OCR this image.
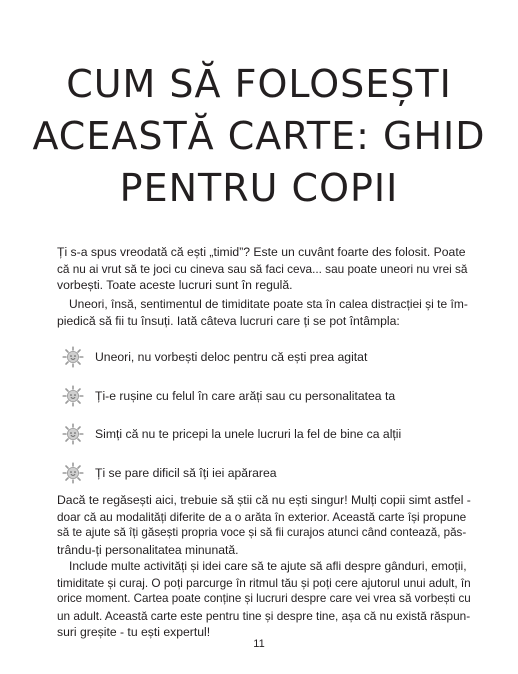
CUM SĂ FOLOSEȘTI
ACEASTĂ CARTE: GHID
PENTRU COPII

Ți s-a spus vreodată că ești „timid”? Este un cuvânt foarte des folosit. Poate
că nu ai vrut să te joci cu cineva sau să faci ceva... sau poate uneori nu vrei să
vorbești. Toate aceste lucruri sunt în regulă.

Uneori, însă, sentimentul de timiditate poate sta în calea distracției și te îm-
piedică să fii tu însuți. Iată câteva lucruri care ți se pot întâmpla:

Uneori, nu vorbești deloc pentru că ești prea agitat
Ți-e rușine cu felul în care arăți sau cu personalitatea ta
Simți că nu te pricepi la unele lucruri la fel de bine ca alții
Ți se pare dificil să îți iei apărarea

Dacă te regăsești aici, trebuie să știi că nu ești singur! Mulți copii simt astfel -
doar că au modalități diferite de a o arăta în exterior. Această carte își propune
să te ajute să îți găsești propria voce și să fii curajos atunci când contează, păs-
trându-ți personalitatea minunată.

Include multe activități și idei care să te ajute să afli despre gânduri, emoții,
timiditate și curaj. O poți parcurge în ritmul tău și poți cere ajutorul unui adult, în
orice moment. Cartea poate conține și lucruri despre care vei vrea să vorbești cu
un adult. Această carte este pentru tine și despre tine, așa că nu există răspun-
suri greșite - tu ești expertul!

11
